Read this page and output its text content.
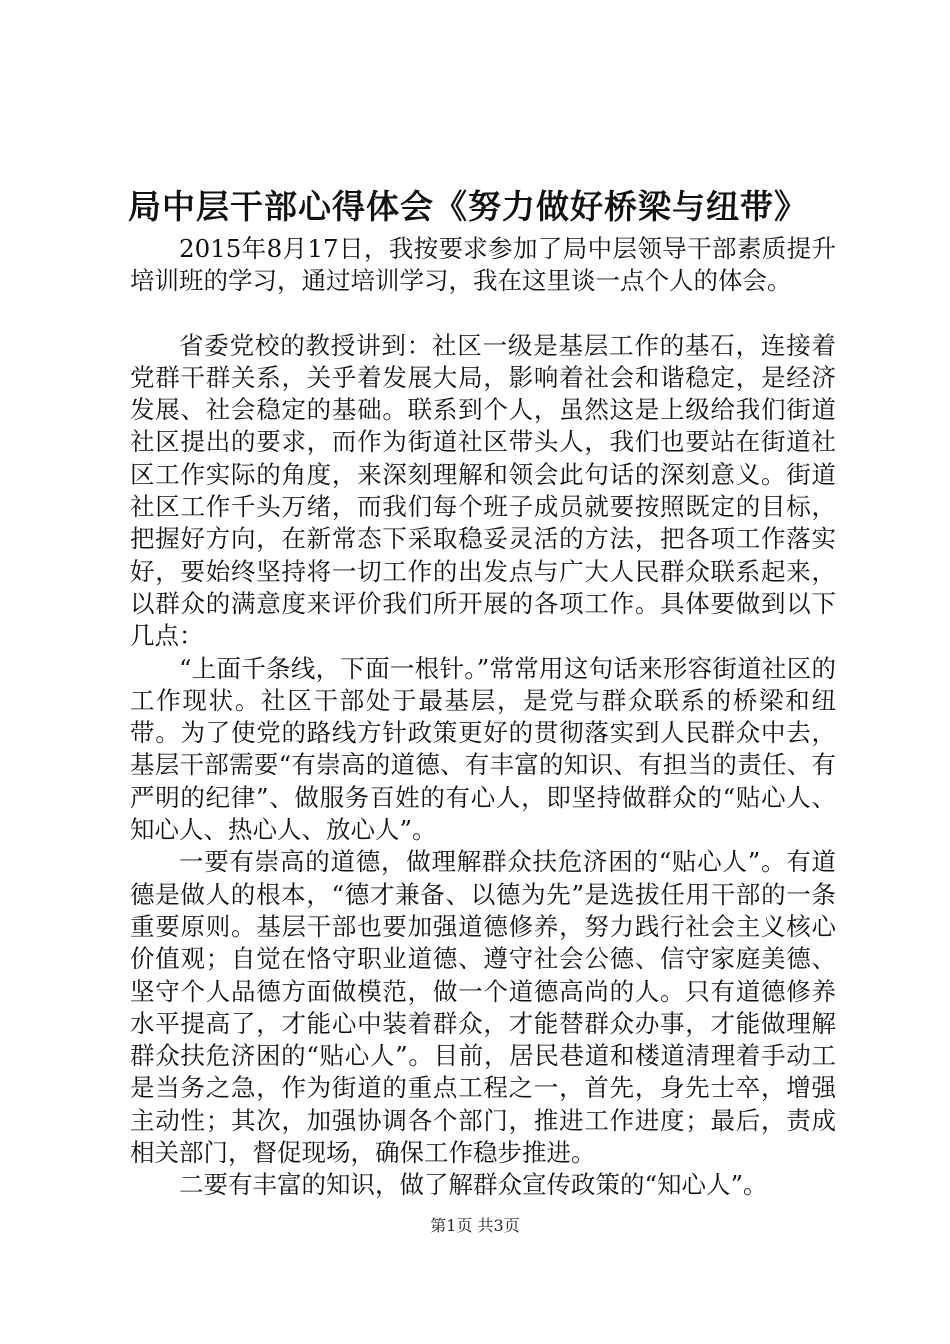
局中层干部心得体会《努力做好桥梁与纽带》

2015年8月17日，我按要求参加了局中层领导干部素质提升培训班的学习，通过培训学习，我在这里谈一点个人的体会。

省委党校的教授讲到：社区一级是基层工作的基石，连接着党群干群关系，关乎着发展大局，影响着社会和谐稳定，是经济发展、社会稳定的基础。联系到个人，虽然这是上级给我们街道社区提出的要求，而作为街道社区带头人，我们也要站在街道社区工作实际的角度，来深刻理解和领会此句话的深刻意义。街道社区工作千头万绪，而我们每个班子成员就要按照既定的目标，把握好方向，在新常态下采取稳妥灵活的方法，把各项工作落实好，要始终坚持将一切工作的出发点与广大人民群众联系起来，以群众的满意度来评价我们所开展的各项工作。具体要做到以下几点：

“上面千条线，下面一根针。”常常用这句话来形容街道社区的工作现状。社区干部处于最基层，是党与群众联系的桥梁和纽带。为了使党的路线方针政策更好的贯彻落实到人民群众中去，基层干部需要“有崇高的道德、有丰富的知识、有担当的责任、有严明的纪律”、做服务百姓的有心人，即坚持做群众的“贴心人、知心人、热心人、放心人”。

一要有崇高的道德，做理解群众扶危济困的“贴心人”。有道德是做人的根本，“德才兼备、以德为先”是选拔任用干部的一条重要原则。基层干部也要加强道德修养，努力践行社会主义核心价值观；自觉在恪守职业道德、遵守社会公德、信守家庭美德、坚守个人品德方面做模范，做一个道德高尚的人。只有道德修养水平提高了，才能心中装着群众，才能替群众办事，才能做理解群众扶危济困的“贴心人”。目前，居民巷道和楼道清理着手动工是当务之急，作为街道的重点工程之一，首先，身先士卒，增强主动性；其次，加强协调各个部门，推进工作进度；最后，责成相关部门，督促现场，确保工作稳步推进。

二要有丰富的知识，做了解群众宣传政策的“知心人”。

第1页 共3页
